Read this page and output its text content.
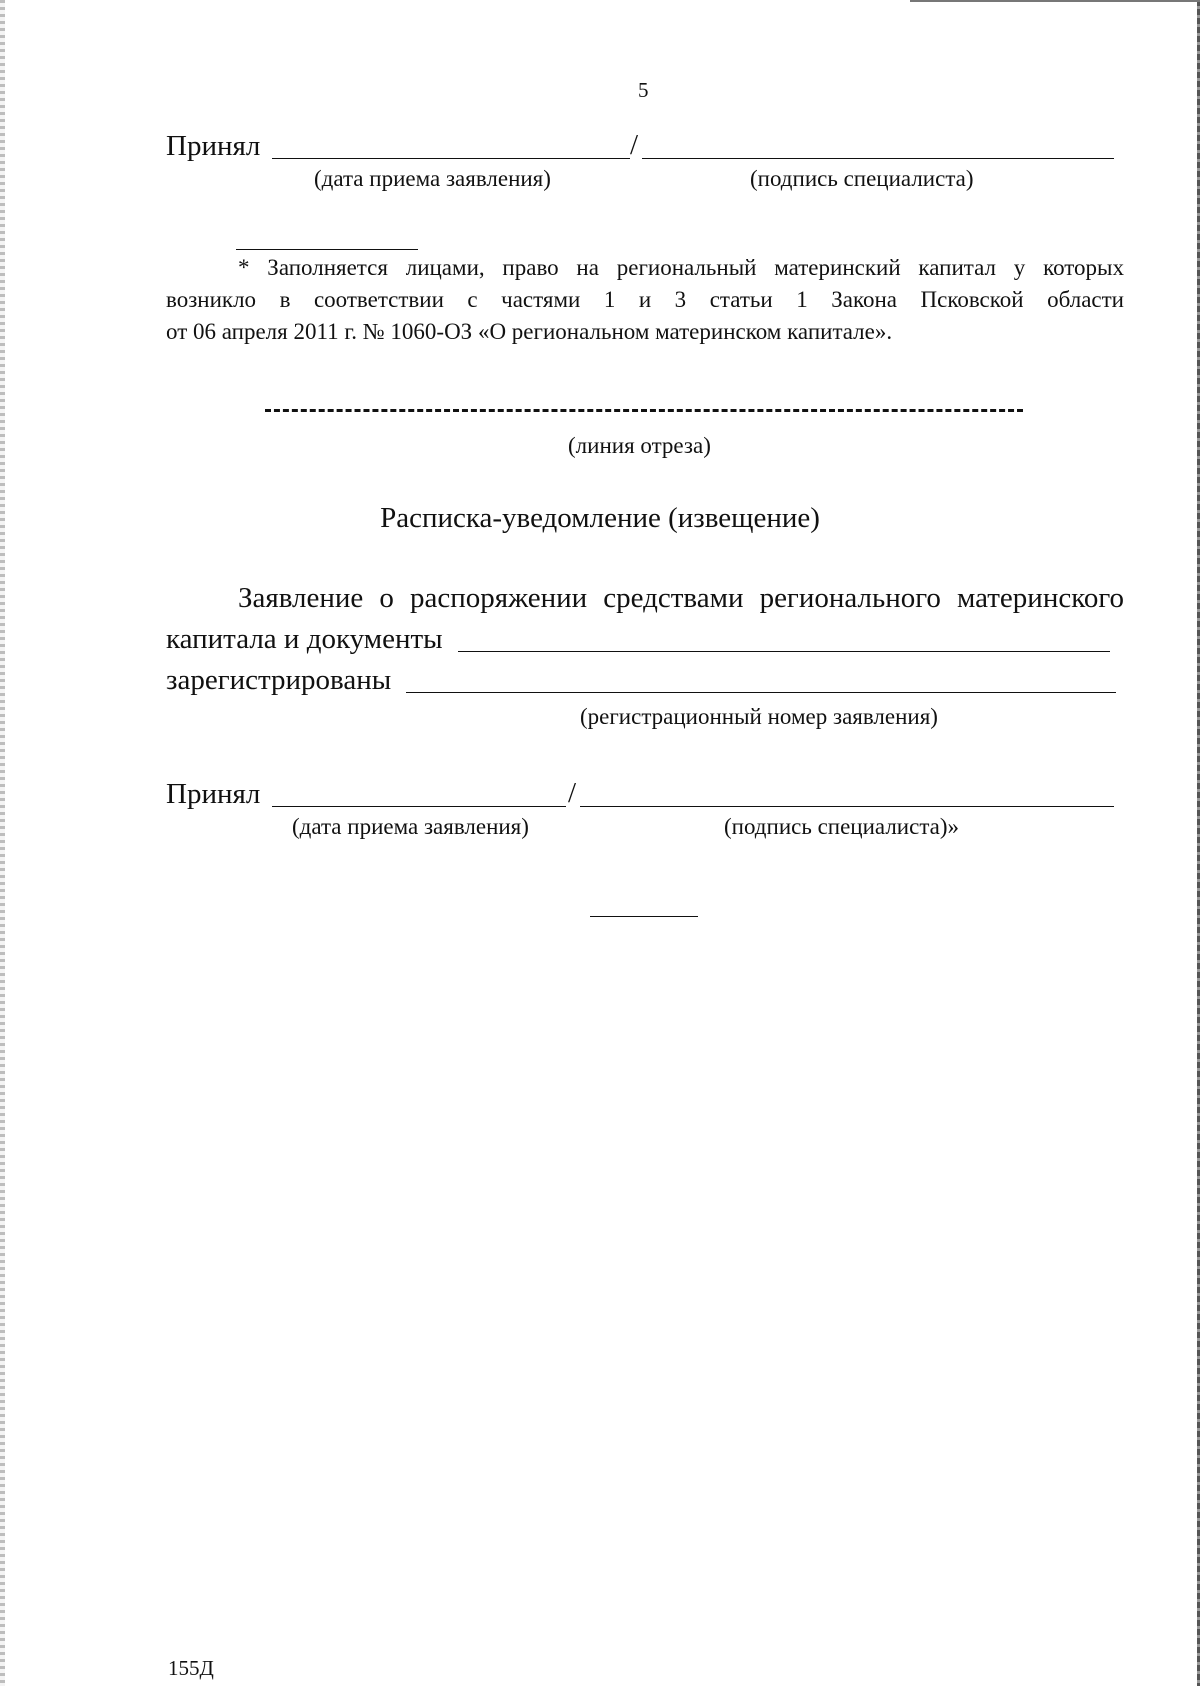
5
Принял	/
(дата приема заявления)	(подпись специалиста)
* Заполняется лицами, право на региональный материнский капитал у которых
возникло в соответствии с частями 1 и 3 статьи 1 Закона Псковской области
от 06 апреля 2011 г. № 1060-ОЗ «О региональном материнском капитале».
(линия отреза)
Расписка-уведомление (извещение)
Заявление о распоряжении средствами регионального материнского
капитала и документы
зарегистрированы
(регистрационный номер заявления)
Принял	/
(дата приема заявления)	(подпись специалиста)»
155Д
